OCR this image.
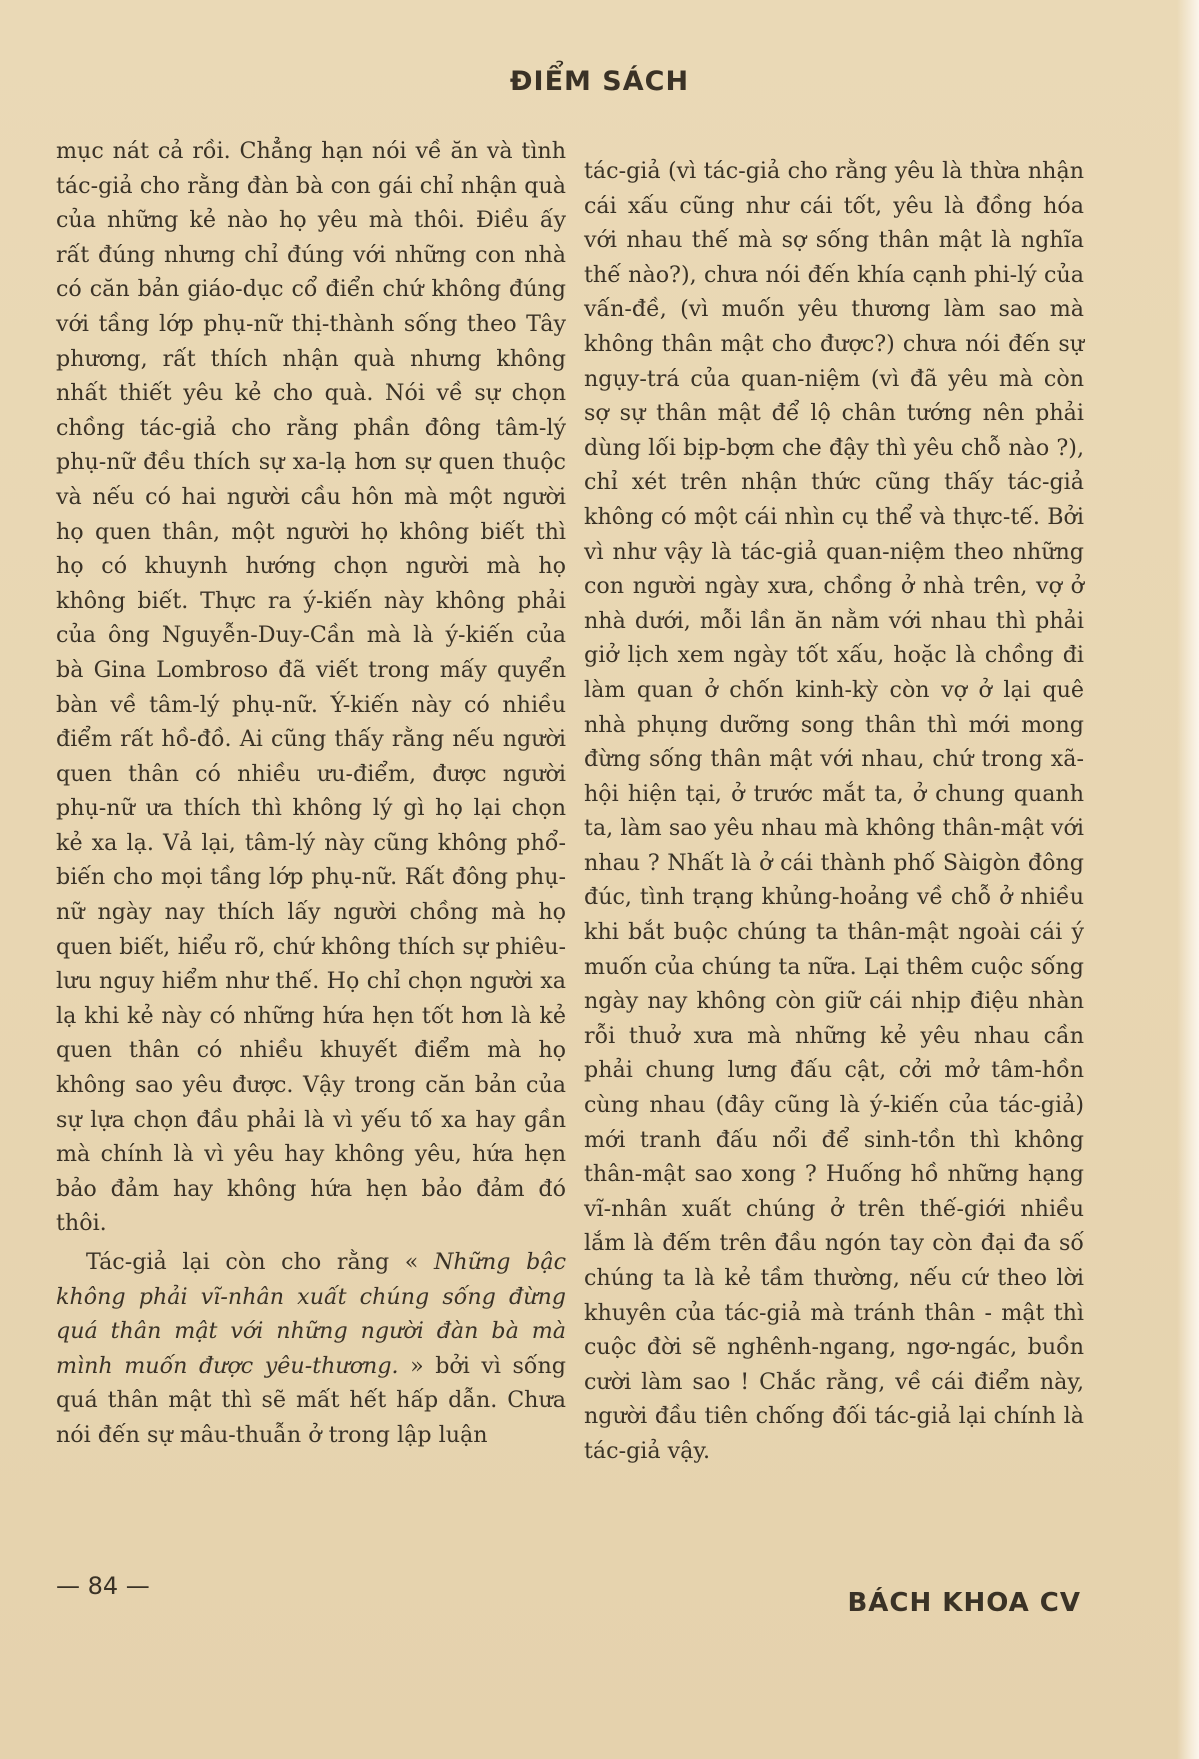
ĐIỂM SÁCH

mục nát cả rồi. Chẳng hạn nói về ăn và tình tác-giả cho rằng đàn bà con gái chỉ nhận quà của những kẻ nào họ yêu mà thôi. Điều ấy rất đúng nhưng chỉ đúng với những con nhà có căn bản giáo-dục cổ điển chứ không đúng với tầng lớp phụ-nữ thị-thành sống theo Tây phương, rất thích nhận quà nhưng không nhất thiết yêu kẻ cho quà. Nói về sự chọn chồng tác-giả cho rằng phần đông tâm-lý phụ-nữ đều thích sự xa-lạ hơn sự quen thuộc và nếu có hai người cầu hôn mà một người họ quen thân, một người họ không biết thì họ có khuynh hướng chọn người mà họ không biết. Thực ra ý-kiến này không phải của ông Nguyễn-Duy-Cần mà là ý-kiến của bà Gina Lombroso đã viết trong mấy quyển bàn về tâm-lý phụ-nữ. Ý-kiến này có nhiều điểm rất hồ-đồ. Ai cũng thấy rằng nếu người quen thân có nhiều ưu-điểm, được người phụ-nữ ưa thích thì không lý gì họ lại chọn kẻ xa lạ. Vả lại, tâm-lý này cũng không phổ-biến cho mọi tầng lớp phụ-nữ. Rất đông phụ-nữ ngày nay thích lấy người chồng mà họ quen biết, hiểu rõ, chứ không thích sự phiêu-lưu nguy hiểm như thế. Họ chỉ chọn người xa lạ khi kẻ này có những hứa hẹn tốt hơn là kẻ quen thân có nhiều khuyết điểm mà họ không sao yêu được. Vậy trong căn bản của sự lựa chọn đầu phải là vì yếu tố xa hay gần mà chính là vì yêu hay không yêu, hứa hẹn bảo đảm hay không hứa hẹn bảo đảm đó thôi.

Tác-giả lại còn cho rằng « Những bậc không phải vĩ-nhân xuất chúng sống đừng quá thân mật với những người đàn bà mà mình muốn được yêu-thương. » bởi vì sống quá thân mật thì sẽ mất hết hấp dẫn. Chưa nói đến sự mâu-thuẫn ở trong lập luận

tác-giả (vì tác-giả cho rằng yêu là thừa nhận cái xấu cũng như cái tốt, yêu là đồng hóa với nhau thế mà sợ sống thân mật là nghĩa thế nào?), chưa nói đến khía cạnh phi-lý của vấn-đề, (vì muốn yêu thương làm sao mà không thân mật cho được?) chưa nói đến sự ngụy-trá của quan-niệm (vì đã yêu mà còn sợ sự thân mật để lộ chân tướng nên phải dùng lối bịp-bợm che đậy thì yêu chỗ nào ?), chỉ xét trên nhận thức cũng thấy tác-giả không có một cái nhìn cụ thể và thực-tế. Bởi vì như vậy là tác-giả quan-niệm theo những con người ngày xưa, chồng ở nhà trên, vợ ở nhà dưới, mỗi lần ăn nằm với nhau thì phải giở lịch xem ngày tốt xấu, hoặc là chồng đi làm quan ở chốn kinh-kỳ còn vợ ở lại quê nhà phụng dưỡng song thân thì mới mong đừng sống thân mật với nhau, chứ trong xã-hội hiện tại, ở trước mắt ta, ở chung quanh ta, làm sao yêu nhau mà không thân-mật với nhau ? Nhất là ở cái thành phố Sàigòn đông đúc, tình trạng khủng-hoảng về chỗ ở nhiều khi bắt buộc chúng ta thân-mật ngoài cái ý muốn của chúng ta nữa. Lại thêm cuộc sống ngày nay không còn giữ cái nhịp điệu nhàn rỗi thuở xưa mà những kẻ yêu nhau cần phải chung lưng đấu cật, cởi mở tâm-hồn cùng nhau (đây cũng là ý-kiến của tác-giả) mới tranh đấu nổi để sinh-tồn thì không thân-mật sao xong ? Huống hồ những hạng vĩ-nhân xuất chúng ở trên thế-giới nhiều lắm là đếm trên đầu ngón tay còn đại đa số chúng ta là kẻ tầm thường, nếu cứ theo lời khuyên của tác-giả mà tránh thân - mật thì cuộc đời sẽ nghênh-ngang, ngơ-ngác, buồn cười làm sao ! Chắc rằng, về cái điểm này, người đầu tiên chống đối tác-giả lại chính là tác-giả vậy.

— 84 —
BÁCH KHOA CV
